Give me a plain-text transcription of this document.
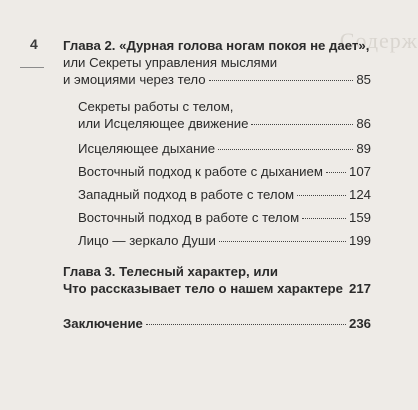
4	Содерж
Глава 2. «Дурная голова ногам покоя не дает»,
или Секреты управления мыслями
и эмоциями через тело	85
Секреты работы с телом,
или Исцеляющее движение	86
Исцеляющее дыхание	89
Восточный подход к работе с дыханием 107
Западный подход в работе с телом	124
Восточный подход в работе с телом	159
Лицо — зеркало Души	199
Глава 3. Телесный характер, или
Что рассказывает тело о нашем характере 217
Заключение	236
